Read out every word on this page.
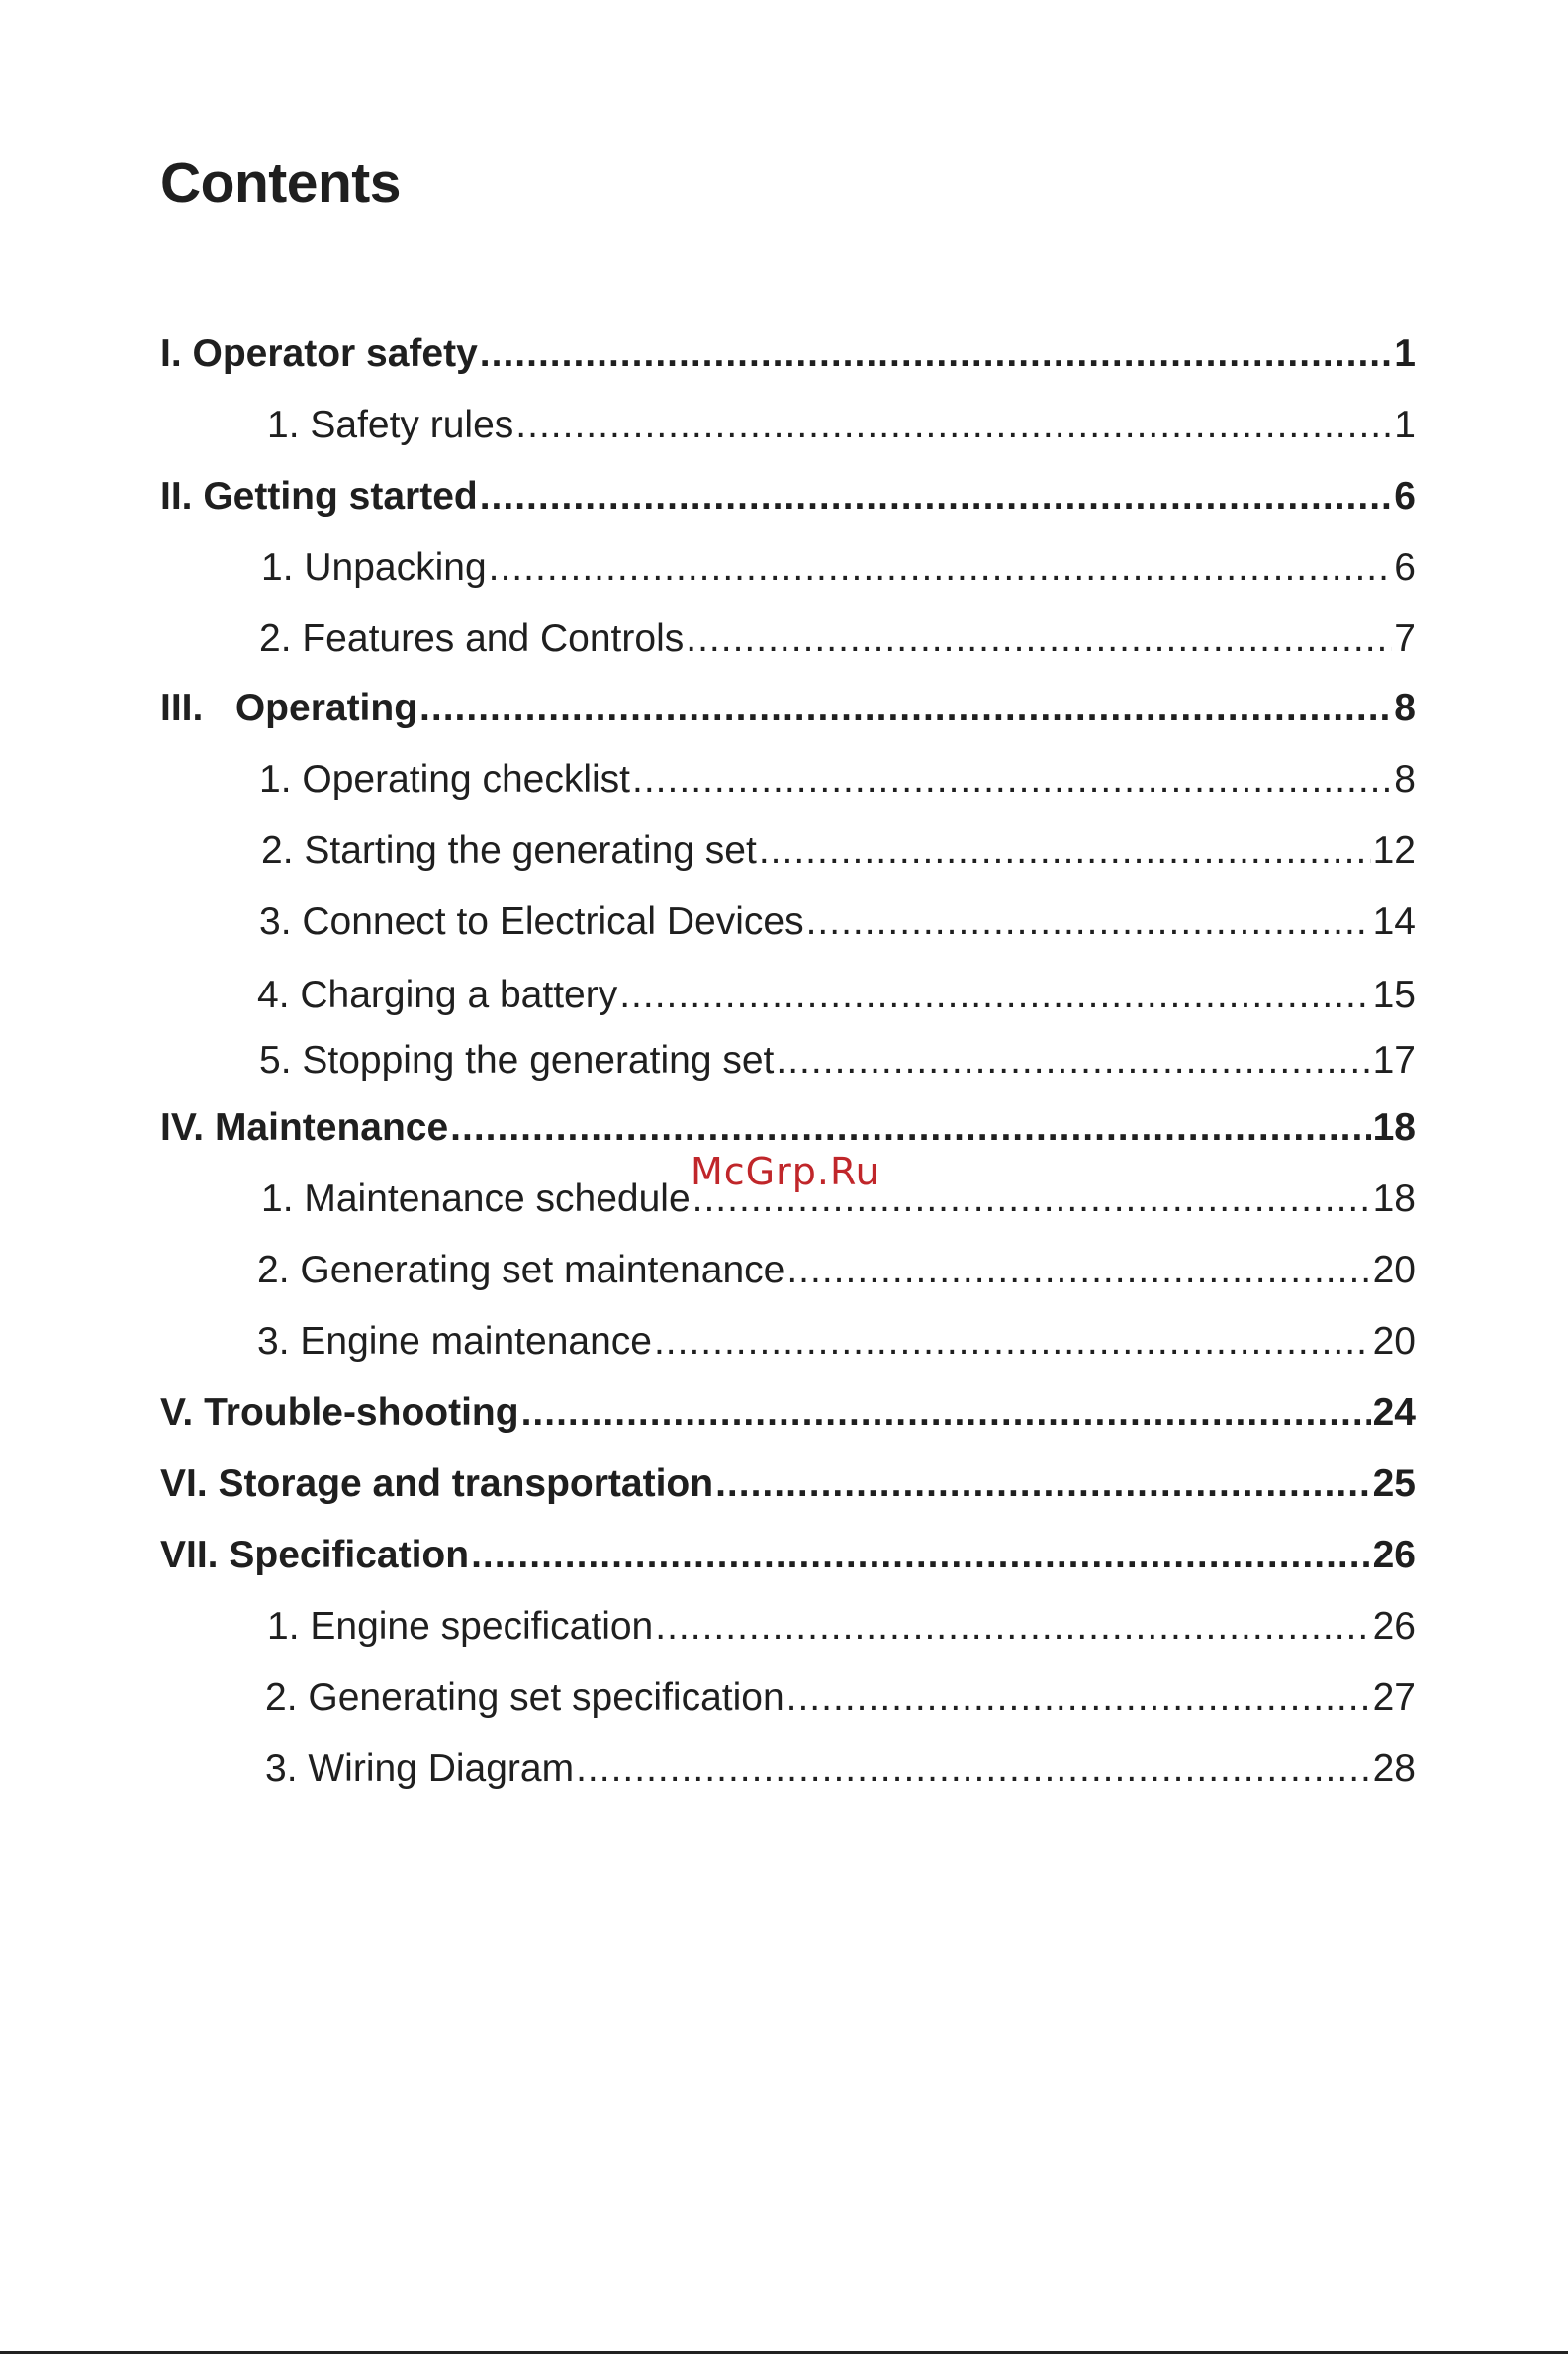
Contents
I. Operator safety .....	1
1. Safety rules .....	1
II. Getting started .....	6
1. Unpacking .....	6
2. Features and Controls .....	7
III.   Operating .....	8
1. Operating checklist .....	8
2. Starting the generating set .....	12
3. Connect to Electrical Devices .....	14
4. Charging a battery .....	15
5. Stopping the generating set .....	17
IV. Maintenance .....	18
1. Maintenance schedule .....	18
2. Generating set maintenance .....	20
3. Engine maintenance .....	20
V. Trouble-shooting .....	24
VI. Storage and transportation .....	25
VII. Specification .....	26
1. Engine specification .....	26
2. Generating set specification .....	27
3. Wiring Diagram .....	28
McGrp.Ru
